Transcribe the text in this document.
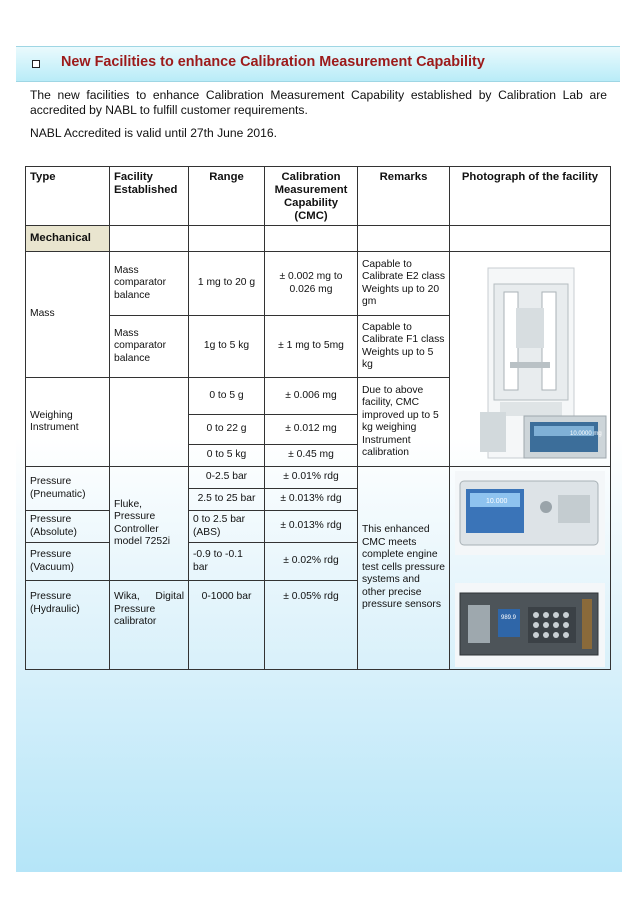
New Facilities to enhance Calibration Measurement Capability
The new facilities to enhance Calibration Measurement Capability established by Calibration Lab are accredited by NABL to fulfill customer requirements.
NABL Accredited is valid until 27th June 2016.
Type	Facility Established	Range	Calibration Measurement Capability (CMC)	Remarks	Photograph of the facility
Mechanical					
Mass	Mass comparator balance	1 mg to 20 g	± 0.002 mg to 0.026 mg	Capable to Calibrate E2 class Weights up to 20 gm	10.0000 mg

	Mass comparator balance	1g to 5 kg	± 1 mg to 5mg	Capable to Calibrate F1 class Weights up to 5 kg	
Weighing Instrument		0 to 5 g	± 0.006 mg	Due to above facility, CMC improved up to 5 kg weighing Instrument calibration	
		0 to 22 g	± 0.012 mg		
		0 to 5 kg	± 0.45 mg		
Pressure (Pneumatic)	Fluke, Pressure Controller model 7252i	0-2.5 bar	± 0.01% rdg	This enhanced CMC meets complete engine test cells pressure systems and other precise pressure sensors	10.000
989.9

		2.5 to 25 bar	± 0.013% rdg		
Pressure (Absolute)		0 to 2.5 bar (ABS)	± 0.013% rdg		
Pressure (Vacuum)		-0.9 to -0.1 bar	± 0.02% rdg		
Pressure (Hydraulic)	Wika, Digital Pressure calibrator	0-1000 bar	± 0.05% rdg		
